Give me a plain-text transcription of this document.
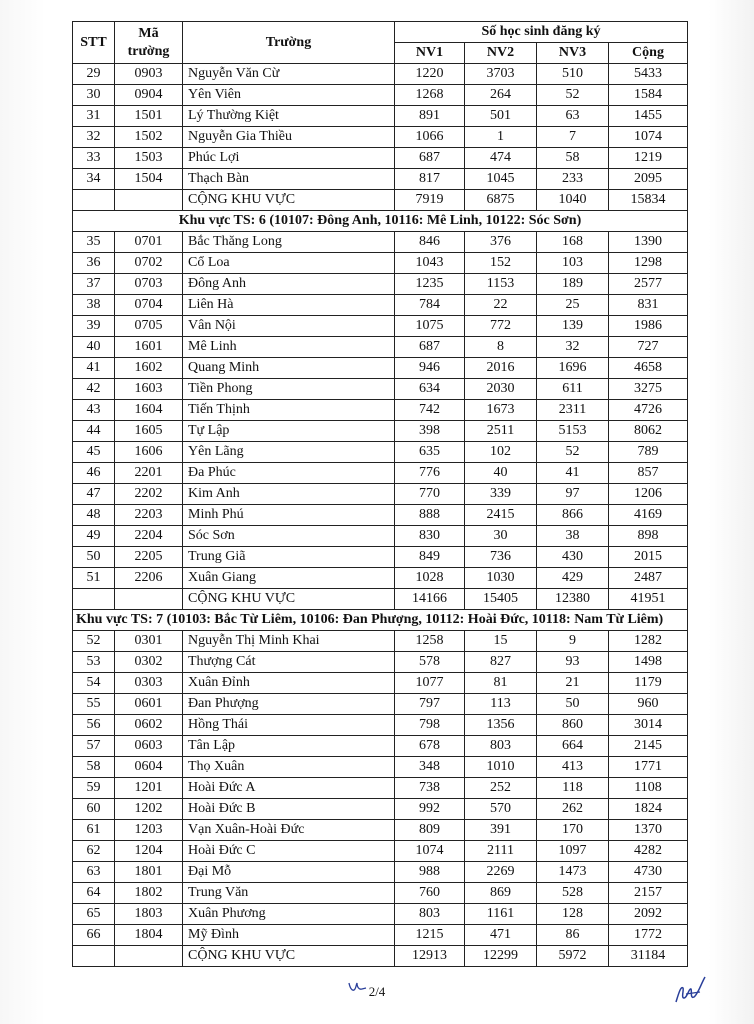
STT	Mã trường	Trường	Số học sinh đăng ký			
			NV1	NV2	NV3	Cộng
29	0903	Nguyễn Văn Cừ	1220	3703	510	5433
30	0904	Yên Viên	1268	264	52	1584
31	1501	Lý Thường Kiệt	891	501	63	1455
32	1502	Nguyễn Gia Thiều	1066	1	7	1074
33	1503	Phúc Lợi	687	474	58	1219
34	1504	Thạch Bàn	817	1045	233	2095
		CỘNG KHU VỰC	7919	6875	1040	15834
Khu vực TS: 6 (10107: Đông Anh, 10116: Mê Linh, 10122: Sóc Sơn)						
35	0701	Bắc Thăng Long	846	376	168	1390
36	0702	Cổ Loa	1043	152	103	1298
37	0703	Đông Anh	1235	1153	189	2577
38	0704	Liên Hà	784	22	25	831
39	0705	Vân Nội	1075	772	139	1986
40	1601	Mê Linh	687	8	32	727
41	1602	Quang Minh	946	2016	1696	4658
42	1603	Tiền Phong	634	2030	611	3275
43	1604	Tiến Thịnh	742	1673	2311	4726
44	1605	Tự Lập	398	2511	5153	8062
45	1606	Yên Lãng	635	102	52	789
46	2201	Đa Phúc	776	40	41	857
47	2202	Kim Anh	770	339	97	1206
48	2203	Minh Phú	888	2415	866	4169
49	2204	Sóc Sơn	830	30	38	898
50	2205	Trung Giã	849	736	430	2015
51	2206	Xuân Giang	1028	1030	429	2487
		CỘNG KHU VỰC	14166	15405	12380	41951
Khu vực TS: 7 (10103: Bắc Từ Liêm, 10106: Đan Phượng, 10112: Hoài Đức, 10118: Nam Từ Liêm)						
52	0301	Nguyễn Thị Minh Khai	1258	15	9	1282
53	0302	Thượng Cát	578	827	93	1498
54	0303	Xuân Đỉnh	1077	81	21	1179
55	0601	Đan Phượng	797	113	50	960
56	0602	Hồng Thái	798	1356	860	3014
57	0603	Tân Lập	678	803	664	2145
58	0604	Thọ Xuân	348	1010	413	1771
59	1201	Hoài Đức A	738	252	118	1108
60	1202	Hoài Đức B	992	570	262	1824
61	1203	Vạn Xuân-Hoài Đức	809	391	170	1370
62	1204	Hoài Đức C	1074	2111	1097	4282
63	1801	Đại Mỗ	988	2269	1473	4730
64	1802	Trung Văn	760	869	528	2157
65	1803	Xuân Phương	803	1161	128	2092
66	1804	Mỹ Đình	1215	471	86	1772
		CỘNG KHU VỰC	12913	12299	5972	31184
2/4
